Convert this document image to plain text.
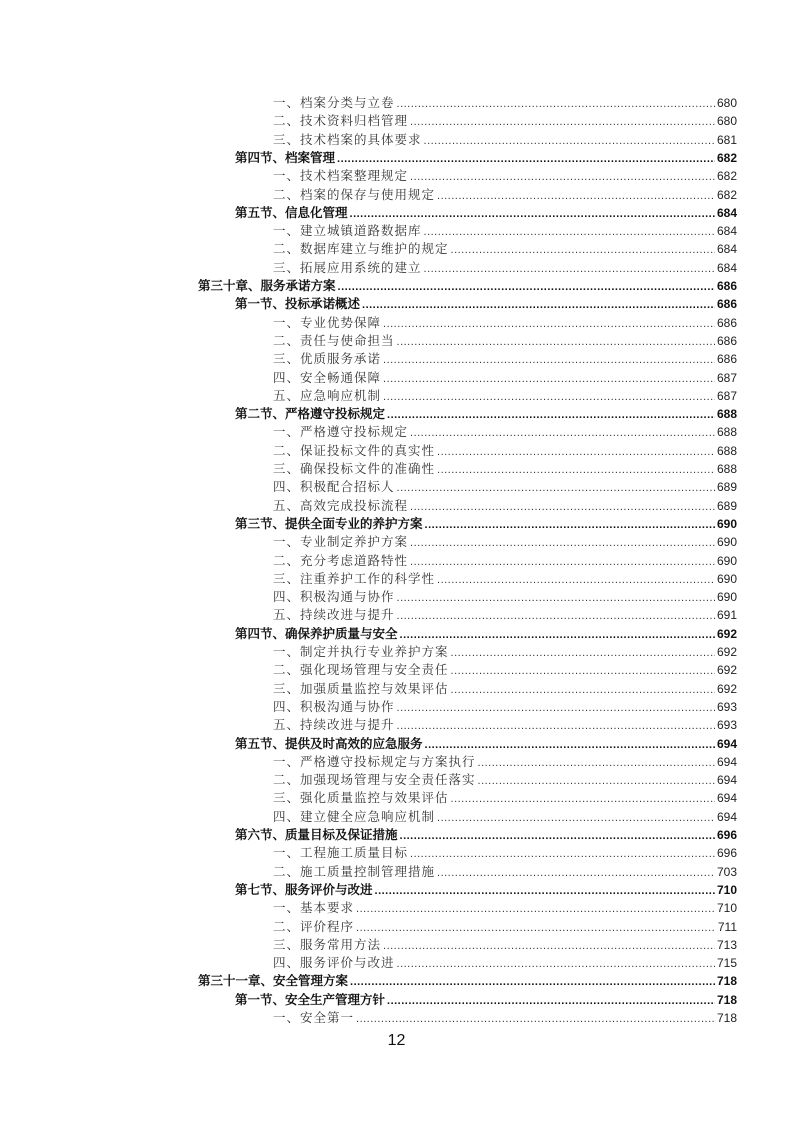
一、档案分类与立卷 .....	680
二、技术资料归档管理 .....	680
三、技术档案的具体要求 .....	681
第四节、档案管理 .....	682
一、技术档案整理规定 .....	682
二、档案的保存与使用规定 .....	682
第五节、信息化管理 .....	684
一、建立城镇道路数据库 .....	684
二、数据库建立与维护的规定 .....	684
三、拓展应用系统的建立 .....	684
第三十章、服务承诺方案 .....	686
第一节、投标承诺概述 .....	686
一、专业优势保障 .....	686
二、责任与使命担当 .....	686
三、优质服务承诺 .....	686
四、安全畅通保障 .....	687
五、应急响应机制 .....	687
第二节、严格遵守投标规定 .....	688
一、严格遵守投标规定 .....	688
二、保证投标文件的真实性 .....	688
三、确保投标文件的准确性 .....	688
四、积极配合招标人 .....	689
五、高效完成投标流程 .....	689
第三节、提供全面专业的养护方案 .....	690
一、专业制定养护方案 .....	690
二、充分考虑道路特性 .....	690
三、注重养护工作的科学性 .....	690
四、积极沟通与协作 .....	690
五、持续改进与提升 .....	691
第四节、确保养护质量与安全 .....	692
一、制定并执行专业养护方案 .....	692
二、强化现场管理与安全责任 .....	692
三、加强质量监控与效果评估 .....	692
四、积极沟通与协作 .....	693
五、持续改进与提升 .....	693
第五节、提供及时高效的应急服务 .....	694
一、严格遵守投标规定与方案执行 .....	694
二、加强现场管理与安全责任落实 .....	694
三、强化质量监控与效果评估 .....	694
四、建立健全应急响应机制 .....	694
第六节、质量目标及保证措施 .....	696
一、工程施工质量目标 .....	696
二、施工质量控制管理措施 .....	703
第七节、服务评价与改进 .....	710
一、基本要求 .....	710
二、评价程序 .....	711
三、服务常用方法 .....	713
四、服务评价与改进 .....	715
第三十一章、安全管理方案 .....	718
第一节、安全生产管理方针 .....	718
一、安全第一 .....	718
12
